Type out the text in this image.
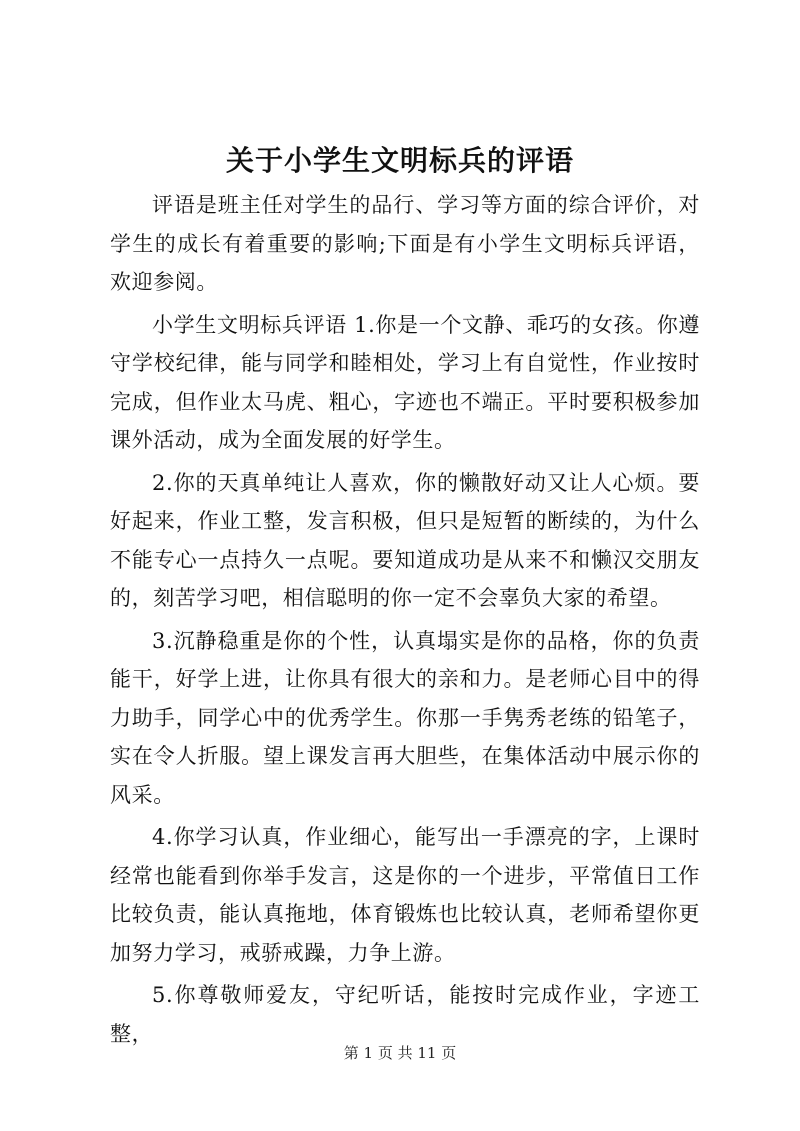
关于小学生文明标兵的评语

评语是班主任对学生的品行、学习等方面的综合评价，对学生的成长有着重要的影响;下面是有小学生文明标兵评语，欢迎参阅。

小学生文明标兵评语 1.你是一个文静、乖巧的女孩。你遵守学校纪律，能与同学和睦相处，学习上有自觉性，作业按时完成，但作业太马虎、粗心，字迹也不端正。平时要积极参加课外活动，成为全面发展的好学生。

2.你的天真单纯让人喜欢，你的懒散好动又让人心烦。要好起来，作业工整，发言积极，但只是短暂的断续的，为什么不能专心一点持久一点呢。要知道成功是从来不和懒汉交朋友的，刻苦学习吧，相信聪明的你一定不会辜负大家的希望。

3.沉静稳重是你的个性，认真塌实是你的品格，你的负责能干，好学上进，让你具有很大的亲和力。是老师心目中的得力助手，同学心中的优秀学生。你那一手隽秀老练的铅笔子，实在令人折服。望上课发言再大胆些，在集体活动中展示你的风采。

4.你学习认真，作业细心，能写出一手漂亮的字，上课时经常也能看到你举手发言，这是你的一个进步，平常值日工作比较负责，能认真拖地，体育锻炼也比较认真，老师希望你更加努力学习，戒骄戒躁，力争上游。

5.你尊敬师爱友，守纪听话，能按时完成作业，字迹工整，

第 1 页 共 11 页
